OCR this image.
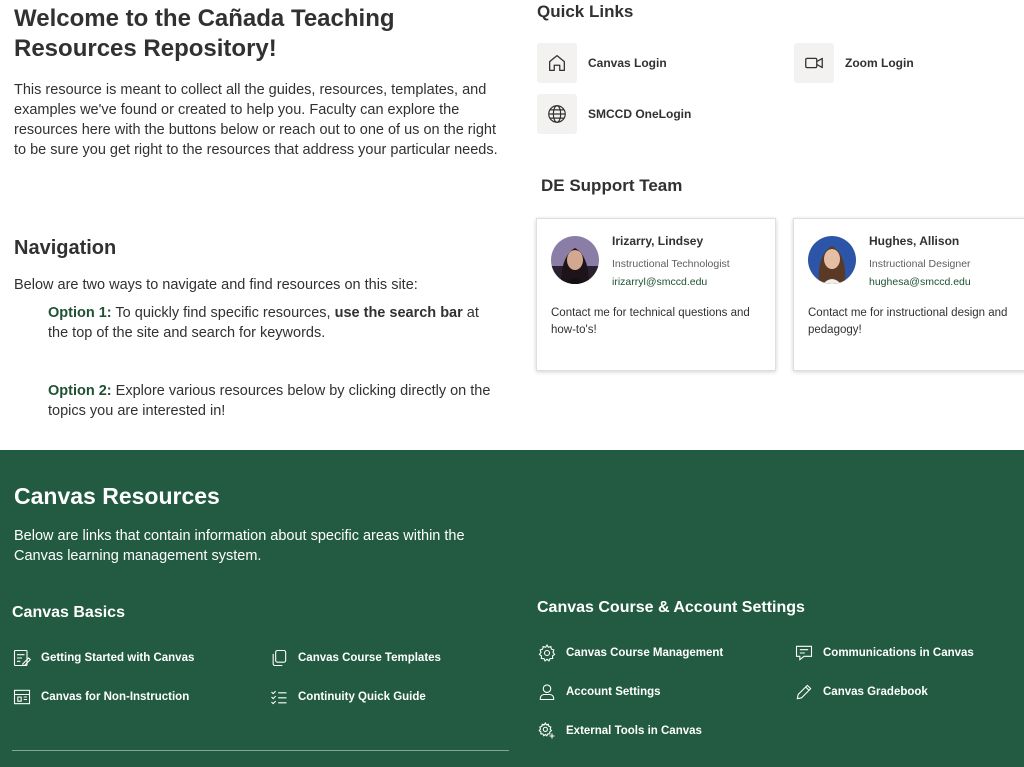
Welcome to the Cañada Teaching Resources Repository!

This resource is meant to collect all the guides, resources, templates, and examples we've found or created to help you. Faculty can explore the resources here with the buttons below or reach out to one of us on the right to be sure you get right to the resources that address your particular needs.

Navigation

Below are two ways to navigate and find resources on this site:

Option 1: To quickly find specific resources, use the search bar at the top of the site and search for keywords.

Option 2: Explore various resources below by clicking directly on the topics you are interested in!

Quick Links
Canvas Login	Zoom Login
SMCCD OneLogin
DE Support Team
Irizarry, Lindsey
Instructional Technologist
irizarryl@smccd.edu
Contact me for technical questions and how-to's!
Hughes, Allison
Instructional Designer
hughesa@smccd.edu
Contact me for instructional design and pedagogy!
Canvas Resources

Below are links that contain information about specific areas within the Canvas learning management system.

Canvas Basics	Canvas Course & Account Settings
Getting Started with Canvas	Canvas Course Templates
Canvas for Non-Instruction	Continuity Quick Guide
Canvas Course Management	Communications in Canvas
Account Settings	Canvas Gradebook
External Tools in Canvas
